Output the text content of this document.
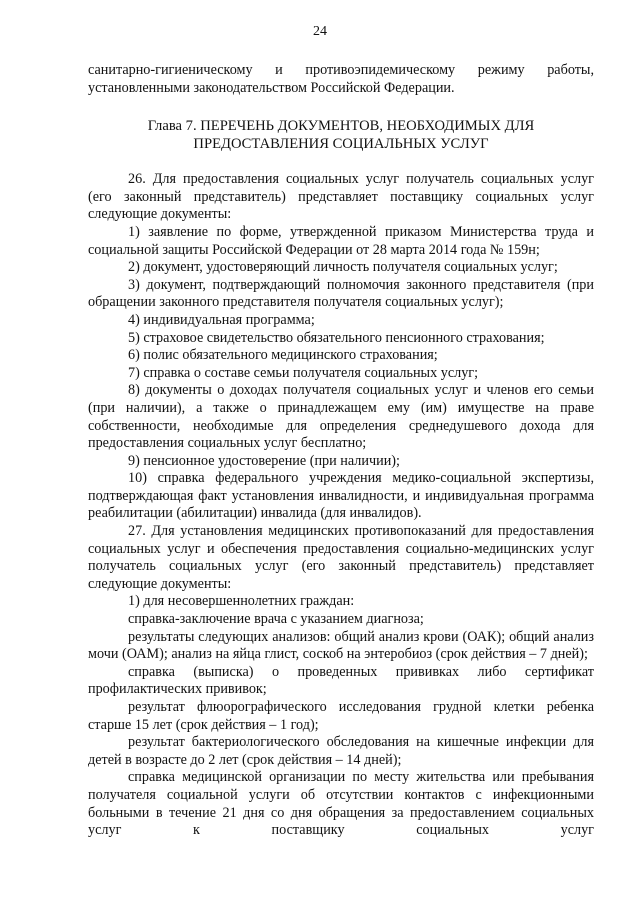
24

санитарно-гигиеническому и противоэпидемическому режиму работы, установленными законодательством Российской Федерации.

Глава 7. ПЕРЕЧЕНЬ ДОКУМЕНТОВ, НЕОБХОДИМЫХ ДЛЯ
ПРЕДОСТАВЛЕНИЯ СОЦИАЛЬНЫХ УСЛУГ

26. Для предоставления социальных услуг получатель социальных услуг (его законный представитель) представляет поставщику социальных услуг следующие документы:

1) заявление по форме, утвержденной приказом Министерства труда и социальной защиты Российской Федерации от 28 марта 2014 года № 159н;

2) документ, удостоверяющий личность получателя социальных услуг;

3) документ, подтверждающий полномочия законного представителя (при обращении законного представителя получателя социальных услуг);

4) индивидуальная программа;

5) страховое свидетельство обязательного пенсионного страхования;

6) полис обязательного медицинского страхования;

7) справка о составе семьи получателя социальных услуг;

8) документы о доходах получателя социальных услуг и членов его семьи (при наличии), а также о принадлежащем ему (им) имуществе на праве собственности, необходимые для определения среднедушевого дохода для предоставления социальных услуг бесплатно;

9) пенсионное удостоверение (при наличии);

10) справка федерального учреждения медико-социальной экспертизы, подтверждающая факт установления инвалидности, и индивидуальная программа реабилитации (абилитации) инвалида (для инвалидов).

27. Для установления медицинских противопоказаний для предоставления социальных услуг и обеспечения предоставления социально-медицинских услуг получатель социальных услуг (его законный представитель) представляет следующие документы:

1) для несовершеннолетних граждан:

справка-заключение врача с указанием диагноза;

результаты следующих анализов: общий анализ крови (ОАК); общий анализ мочи (ОАМ); анализ на яйца глист, соскоб на энтеробиоз (срок действия – 7 дней);

справка (выписка) о проведенных прививках либо сертификат профилактических прививок;

результат флюорографического исследования грудной клетки ребенка старше 15 лет (срок действия – 1 год);

результат бактериологического обследования на кишечные инфекции для детей в возрасте до 2 лет (срок действия – 14 дней);

справка медицинской организации по месту жительства или пребывания получателя социальной услуги об отсутствии контактов с инфекционными больными в течение 21 дня со дня обращения за предоставлением социальных услуг к поставщику социальных услуг
